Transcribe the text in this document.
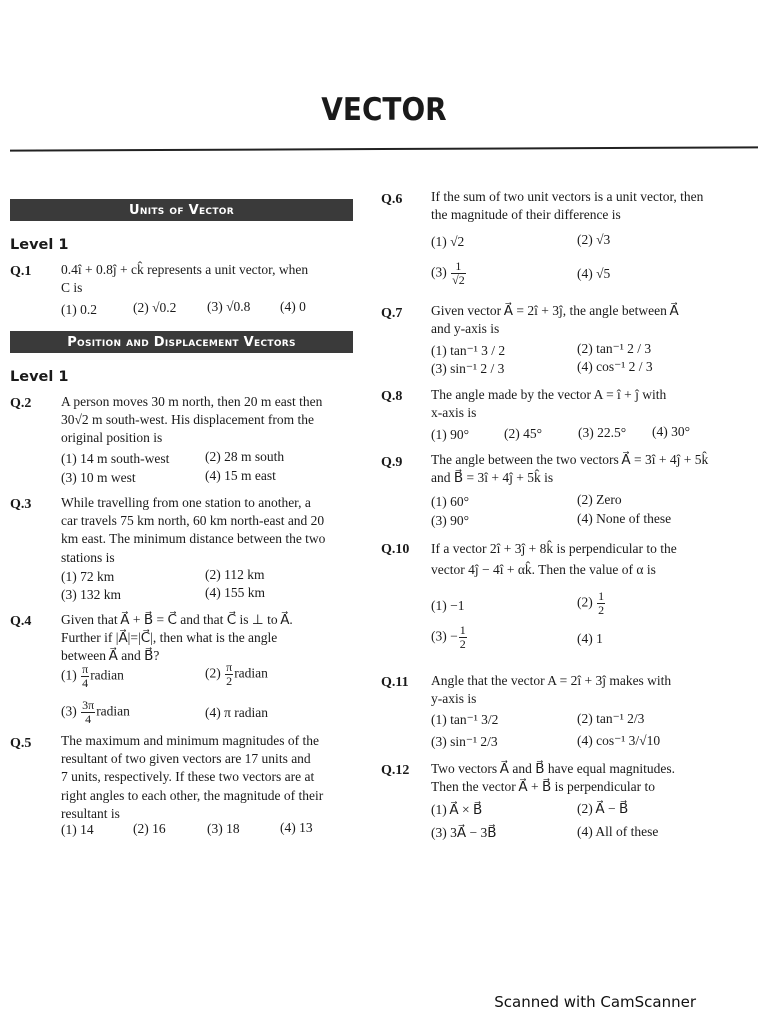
VECTOR
Units of Vector
Level 1
Q.1 0.4î + 0.8ĵ + ck̂ represents a unit vector, when
C is
(1) 0.2	(2) √0.2 (3) √0.8 (4) 0
Position and Displacement Vectors
Level 1
Q.2 A person moves 30 m north, then 20 m east then
30√2 m south-west. His displacement from the
original position is
(1) 14 m south-west	(2) 28 m south
(3) 10 m west	(4) 15 m east
Q.3 While travelling from one station to another, a
car travels 75 km north, 60 km north-east and 20
km east. The minimum distance between the two
stations is
(1) 72 km	(2) 112 km
(3) 132 km	(4) 155 km
Q.4 Given that A⃗ + B⃗ = C⃗ and that C⃗ is ⊥ to A⃗.
Further if |A⃗|=|C⃗|, then what is the angle
between A⃗ and B⃗?
$(1) \frac{\pi}{4}$ radian	$(2) \frac{\pi}{2}$ radian
$(3) \frac{3\pi}{4}$ radian	(4) π radian
Q.5 The maximum and minimum magnitudes of the
resultant of two given vectors are 17 units and
7 units, respectively. If these two vectors are at
right angles to each other, the magnitude of their
resultant is
(1) 14	(2) 16	(3) 18	(4) 13
Q.6 If the sum of two unit vectors is a unit vector, then
the magnitude of their difference is
(1) √2	(2) √3
$(3) \frac{1}{√2}$	(4) √5
Q.7 Given vector A⃗ = 2î + 3ĵ, the angle between A⃗
and y-axis is
(1) tan⁻¹ 3 / 2	(2) tan⁻¹ 2 / 3
(3) sin⁻¹ 2 / 3	(4) cos⁻¹ 2 / 3
Q.8 The angle made by the vector A = î + ĵ with
x-axis is
(1) 90°	(2) 45°	(3) 22.5° (4) 30°
Q.9 The angle between the two vectors A⃗ = 3î + 4ĵ + 5k̂
and B⃗ = 3î + 4ĵ + 5k̂ is
(1) 60°	(2) Zero
(3) 90°	(4) None of these
Q.10 If a vector 2î + 3ĵ + 8k̂ is perpendicular to the
vector 4ĵ − 4î + αk̂. Then the value of α is
(1) −1	$(2) \frac{1}{2}$
$(3) - \frac{1}{2}$	(4) 1
Q.11 Angle that the vector A = 2î + 3ĵ makes with
y-axis is
(1) tan⁻¹ 3/2	(2) tan⁻¹ 2/3
(3) sin⁻¹ 2/3	(4) cos⁻¹ 3/√10
Q.12 Two vectors A⃗ and B⃗ have equal magnitudes.
Then the vector A⃗ + B⃗ is perpendicular to
(1) A⃗ × B⃗	(2) A⃗ − B⃗
(3) 3A⃗ − 3B⃗	(4) All of these
Scanned with CamScanner
